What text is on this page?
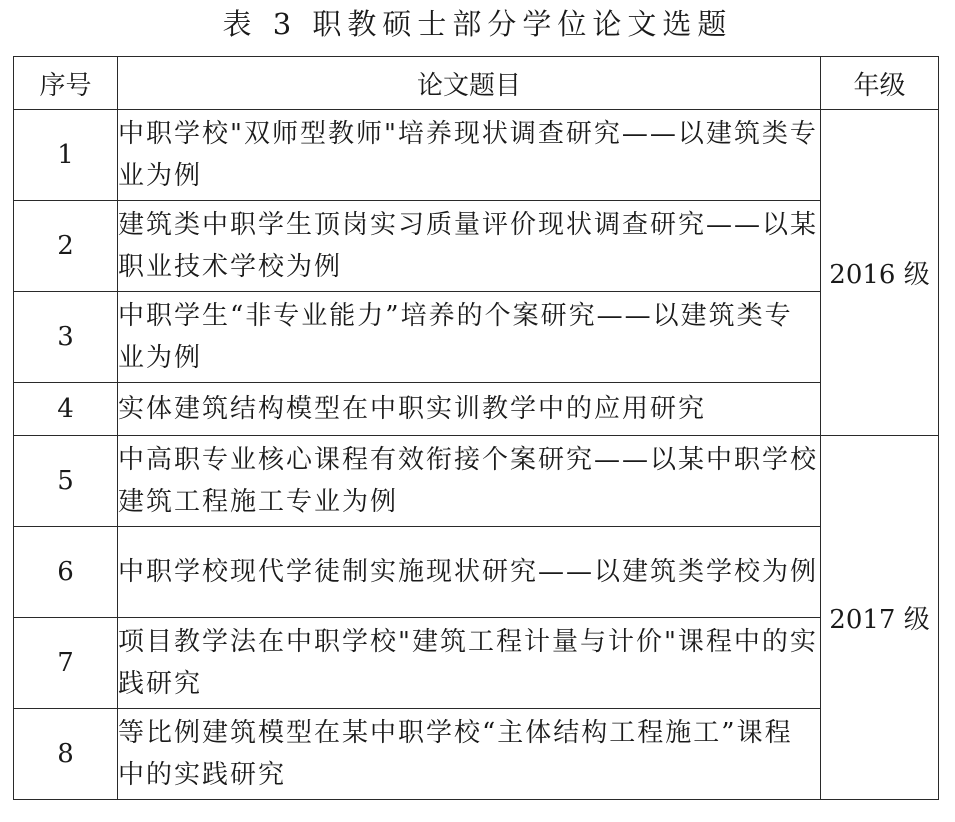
表 3 职教硕士部分学位论文选题
序号	论文题目	年级
1	中职学校"双师型教师"培养现状调查研究——以建筑类专业为例	2016 级
2	建筑类中职学生顶岗实习质量评价现状调查研究——以某职业技术学校为例	
3	中职学生“非专业能力”培养的个案研究——以建筑类专业为例	
4	实体建筑结构模型在中职实训教学中的应用研究	
5	中高职专业核心课程有效衔接个案研究——以某中职学校建筑工程施工专业为例	2017 级
6	中职学校现代学徒制实施现状研究——以建筑类学校为例	
7	项目教学法在中职学校"建筑工程计量与计价"课程中的实践研究	
8	等比例建筑模型在某中职学校“主体结构工程施工”课程中的实践研究	
